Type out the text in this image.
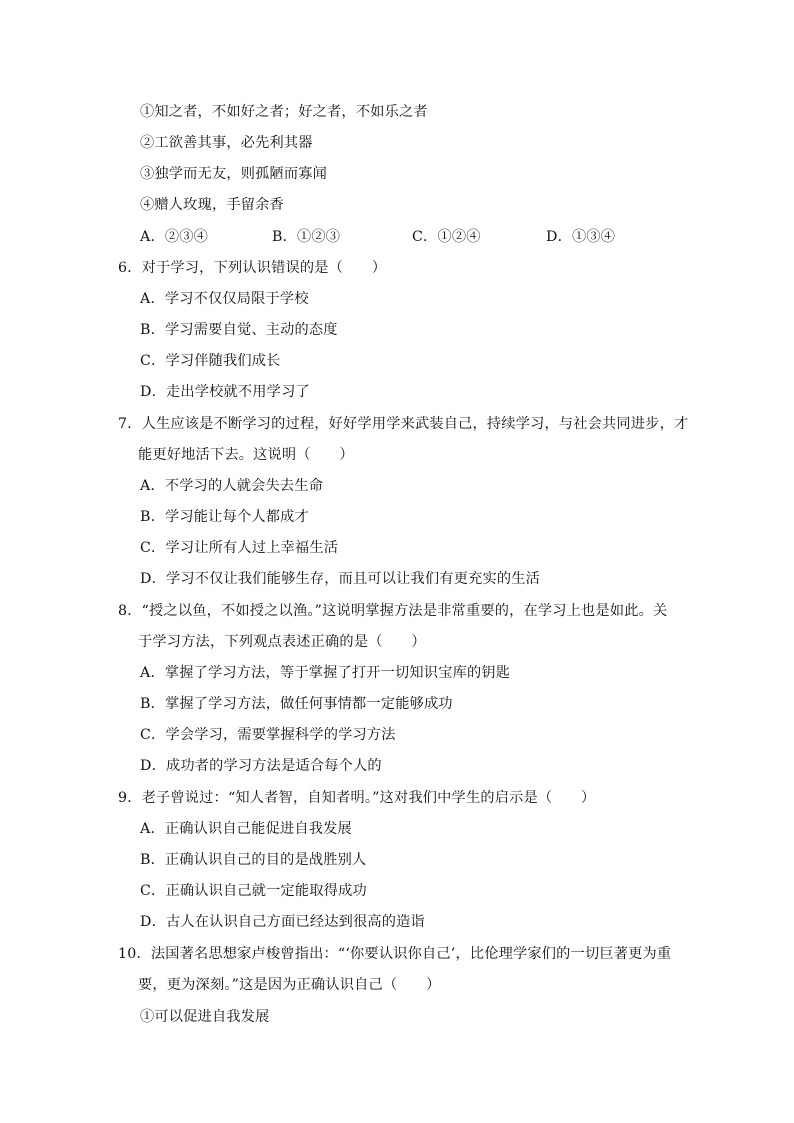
①知之者，不如好之者；好之者，不如乐之者
②工欲善其事，必先利其器
③独学而无友，则孤陋而寡闻
④赠人玫瑰，手留余香
A．②③④	B．①②③	C．①②④	D．①③④
6．对于学习，下列认识错误的是（　　）
A．学习不仅仅局限于学校
B．学习需要自觉、主动的态度
C．学习伴随我们成长
D．走出学校就不用学习了
7．人生应该是不断学习的过程，好好学用学来武装自己，持续学习，与社会共同进步，才
能更好地活下去。这说明（　　）
A．不学习的人就会失去生命
B．学习能让每个人都成才
C．学习让所有人过上幸福生活
D．学习不仅让我们能够生存，而且可以让我们有更充实的生活
8．“授之以鱼，不如授之以渔。”这说明掌握方法是非常重要的，在学习上也是如此。关
于学习方法，下列观点表述正确的是（　　）
A．掌握了学习方法，等于掌握了打开一切知识宝库的钥匙
B．掌握了学习方法，做任何事情都一定能够成功
C．学会学习，需要掌握科学的学习方法
D．成功者的学习方法是适合每个人的
9．老子曾说过：“知人者智，自知者明。”这对我们中学生的启示是（　　）
A．正确认识自己能促进自我发展
B．正确认识自己的目的是战胜别人
C．正确认识自己就一定能取得成功
D．古人在认识自己方面已经达到很高的造诣
10．法国著名思想家卢梭曾指出：“‘你要认识你自己’，比伦理学家们的一切巨著更为重
要，更为深刻。”这是因为正确认识自己（　　）
①可以促进自我发展
